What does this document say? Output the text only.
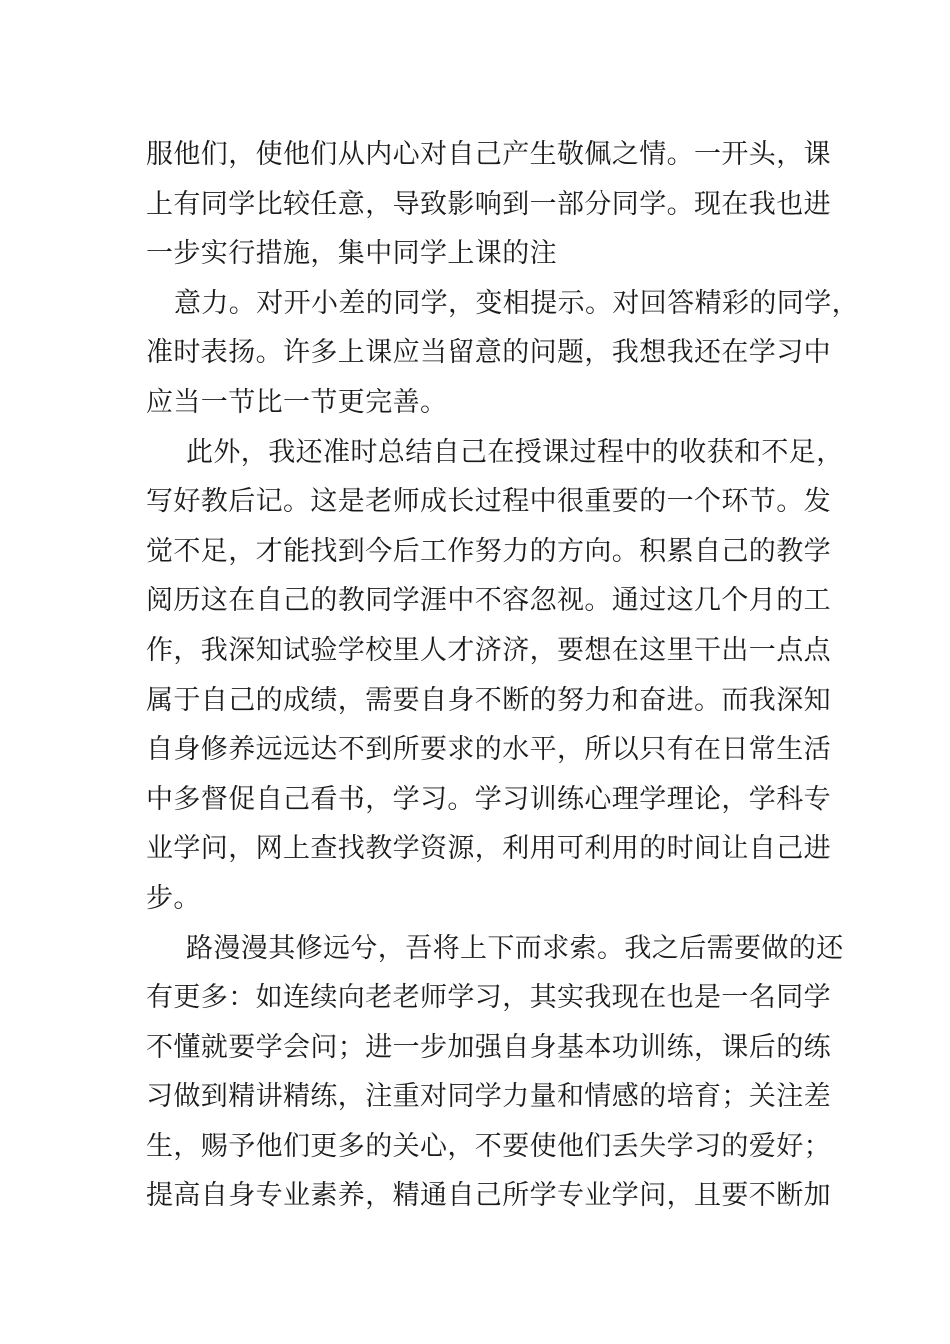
服他们，使他们从内心对自己产生敬佩之情。一开头，课
上有同学比较任意，导致影响到一部分同学。现在我也进
一步实行措施，集中同学上课的注
意力。对开小差的同学，变相提示。对回答精彩的同学，
准时表扬。许多上课应当留意的问题，我想我还在学习中
应当一节比一节更完善。
此外，我还准时总结自己在授课过程中的收获和不足，
写好教后记。这是老师成长过程中很重要的一个环节。发
觉不足，才能找到今后工作努力的方向。积累自己的教学
阅历这在自己的教同学涯中不容忽视。通过这几个月的工
作，我深知试验学校里人才济济，要想在这里干出一点点
属于自己的成绩，需要自身不断的努力和奋进。而我深知
自身修养远远达不到所要求的水平，所以只有在日常生活
中多督促自己看书，学习。学习训练心理学理论，学科专
业学问，网上查找教学资源，利用可利用的时间让自己进
步。
路漫漫其修远兮，吾将上下而求索。我之后需要做的还
有更多：如连续向老老师学习，其实我现在也是一名同学
不懂就要学会问；进一步加强自身基本功训练，课后的练
习做到精讲精练，注重对同学力量和情感的培育；关注差
生，赐予他们更多的关心，不要使他们丢失学习的爱好；
提高自身专业素养，精通自己所学专业学问，且要不断加
